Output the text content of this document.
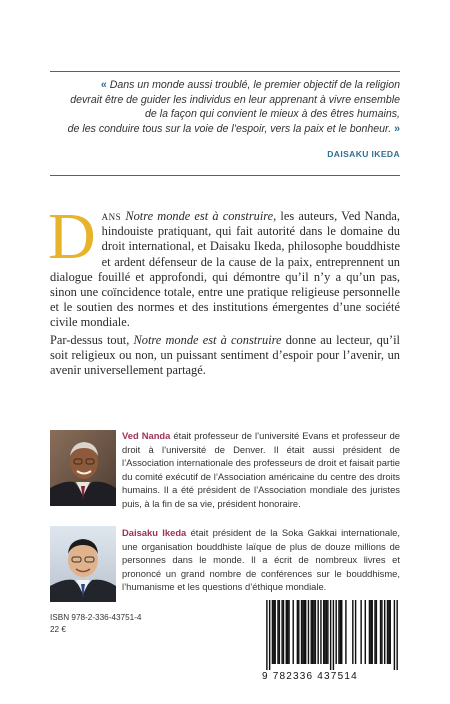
« Dans un monde aussi troublé, le premier objectif de la religion
devrait être de guider les individus en leur apprenant à vivre ensemble
de la façon qui convient le mieux à des êtres humains,
de les conduire tous sur la voie de l’espoir, vers la paix et le bonheur. »
DAISAKU IKEDA
Dans Notre monde est à construire, les auteurs, Ved Nanda, hindouiste pratiquant, qui fait autorité dans le domaine du droit international, et Daisaku Ikeda, philosophe bouddhiste et ardent défenseur de la cause de la paix, entreprennent un dialogue fouillé et approfondi, qui démontre qu’il n’y a qu’un pas, sinon une coïncidence totale, entre une pratique religieuse personnelle et le soutien des normes et des institutions émergentes d’une société civile mondiale.
Par-dessus tout, Notre monde est à construire donne au lecteur, qu’il soit religieux ou non, un puissant sentiment d’espoir pour l’avenir, un avenir universellement partagé.
Ved Nanda était professeur de l’université Evans et professeur de droit à l’université de Denver. Il était aussi président de l’Association internationale des professeurs de droit et faisait partie du comité exécutif de l’Association américaine du centre des droits humains. Il a été président de l’Association mondiale des juristes puis, à la fin de sa vie, président honoraire.
Daisaku Ikeda était président de la Soka Gakkai internationale, une organisation bouddhiste laïque de plus de douze millions de personnes dans le monde. Il a écrit de nombreux livres et prononcé un grand nombre de conférences sur le bouddhisme, l’humanisme et les questions d’éthique mondiale.
ISBN 978-2-336-43751-4
22 €
9 782336 437514
